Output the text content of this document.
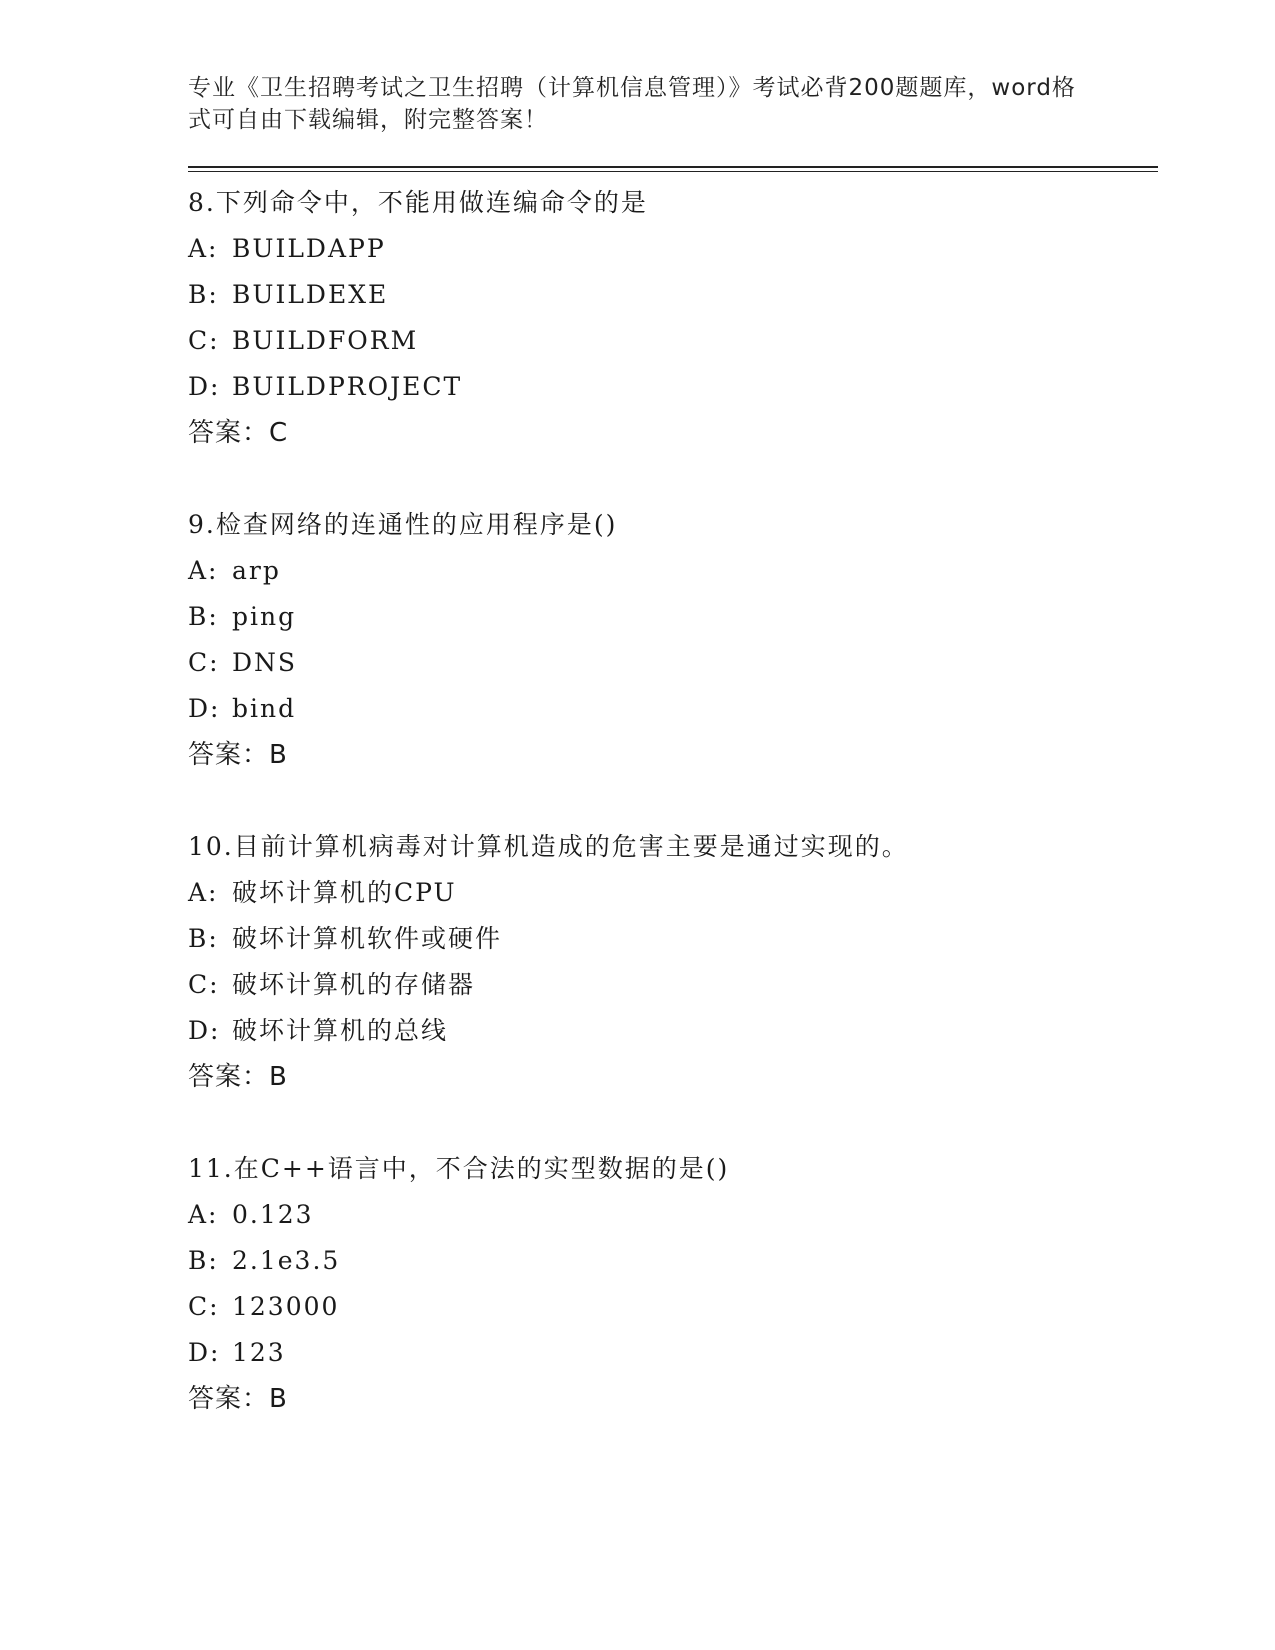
专业《卫生招聘考试之卫生招聘（计算机信息管理）》考试必背200题题库，word格式可自由下载编辑，附完整答案！
8.下列命令中，不能用做连编命令的是
A: BUILDAPP
B: BUILDEXE
C: BUILDFORM
D: BUILDPROJECT
答案：C
9.检查网络的连通性的应用程序是()
A: arp
B: ping
C: DNS
D: bind
答案：B
10.目前计算机病毒对计算机造成的危害主要是通过实现的。
A: 破坏计算机的CPU
B: 破坏计算机软件或硬件
C: 破坏计算机的存储器
D: 破坏计算机的总线
答案：B
11.在C++语言中，不合法的实型数据的是()
A: 0.123
B: 2.1e3.5
C: 123000
D: 123
答案：B
